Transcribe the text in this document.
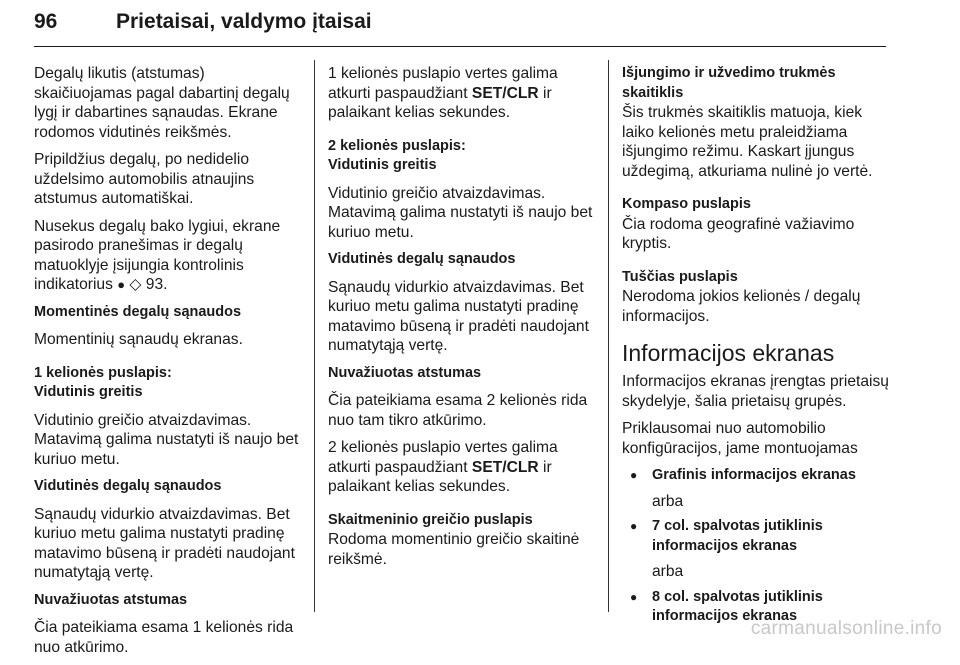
96	Prietaisai, valdymo įtaisai

Degalų likutis (atstumas) skaičiuojamas pagal dabartinį degalų lygį ir dabartines sąnaudas. Ekrane rodomos vidutinės reikšmės.

Pripildžius degalų, po nedidelio uždelsimo automobilis atnaujins atstumus automatiškai.

Nusekus degalų bako lygiui, ekrane pasirodo pranešimas ir degalų matuoklyje įsijungia kontrolinis indikatorius ● ◇ 93.

Momentinės degalų sąnaudos

Momentinių sąnaudų ekranas.

1 kelionės puslapis:

Vidutinis greitis

Vidutinio greičio atvaizdavimas. Matavimą galima nustatyti iš naujo bet kuriuo metu.

Vidutinės degalų sąnaudos

Sąnaudų vidurkio atvaizdavimas. Bet kuriuo metu galima nustatyti pradinę matavimo būseną ir pradėti naudojant numatytąją vertę.

Nuvažiuotas atstumas

Čia pateikiama esama 1 kelionės rida nuo atkūrimo.

1 kelionės puslapio vertes galima atkurti paspaudžiant SET/CLR ir palaikant kelias sekundes.

2 kelionės puslapis:

Vidutinis greitis

Vidutinio greičio atvaizdavimas. Matavimą galima nustatyti iš naujo bet kuriuo metu.

Vidutinės degalų sąnaudos

Sąnaudų vidurkio atvaizdavimas. Bet kuriuo metu galima nustatyti pradinę matavimo būseną ir pradėti naudojant numatytąją vertę.

Nuvažiuotas atstumas

Čia pateikiama esama 2 kelionės rida nuo tam tikro atkūrimo.

2 kelionės puslapio vertes galima atkurti paspaudžiant SET/CLR ir palaikant kelias sekundes.

Skaitmeninio greičio puslapis

Rodoma momentinio greičio skaitinė reikšmė.

Išjungimo ir užvedimo trukmės skaitiklis

Šis trukmės skaitiklis matuoja, kiek laiko kelionės metu praleidžiama išjungimo režimu. Kaskart įjungus uždegimą, atkuriama nulinė jo vertė.

Kompaso puslapis

Čia rodoma geografinė važiavimo kryptis.

Tuščias puslapis

Nerodoma jokios kelionės / degalų informacijos.

Informacijos ekranas

Informacijos ekranas įrengtas prietaisų skydelyje, šalia prietaisų grupės.

Priklausomai nuo automobilio konfigūracijos, jame montuojamas

● Grafinis informacijos ekranas

arba

● 7 col. spalvotas jutiklinis informacijos ekranas

arba

● 8 col. spalvotas jutiklinis informacijos ekranas

carmanualsonline.info
